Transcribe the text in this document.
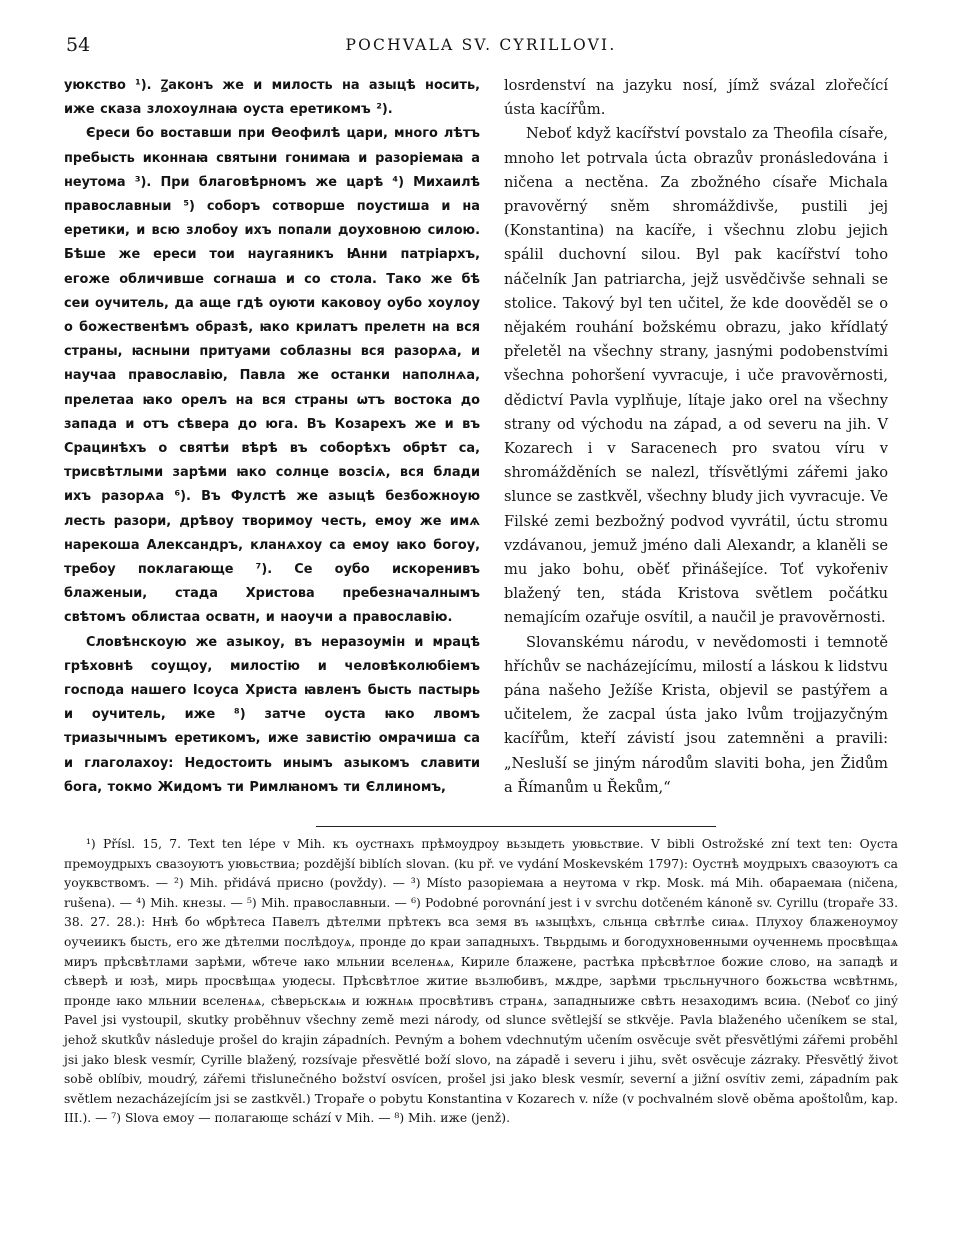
54	POCHVALA SV. CYRILLOVI.

уюкство ¹). Ꙁаконъ же и милость на азыцѣ носить, иже сказа злохоулнаꙗ оуста еретикомъ ²).

Єреси бо воставши при Ѳеофилѣ цари, много лѣтъ пребысть иконнаꙗ святыни гонимаꙗ и разоріемаꙗ а неутома ³). При благовѣрномъ же царѣ ⁴) Михаилѣ православныи ⁵) соборъ сотворше поустиша и на еретики, и всю злобоу ихъ попали доуховною силою. Бѣше же ереси тои наугаяникъ Ꙗнни патріархъ, егоже обличивше согнаша и со стола. Тако же бѣ сеи оучитель, да аще гдѣ оуюти каковоу оубо хоулоу о божественѣмъ образѣ, ꙗко крилатъ прелетн на вся страны, ꙗсныни притуами соблазны вся разорѧа, и научаа православію, Павла же останки наполнѧа, прелетаа ꙗко орелъ на вся страны ѡтъ востока до запада и отъ сѣвера до юга. Въ Козарехъ же и въ Срацинѣхъ о святѣи вѣрѣ въ соборѣхъ обрѣт са, трисвѣтлыми зарѣми ꙗко солнце возсіѧ, вся блади ихъ разорѧа ⁶). Въ Фулстѣ же азыцѣ безбожноую лесть разори, дрѣвоу творимоу честь, емоу же имѧ нарекоша Александръ, кланѧхоу са емоу ꙗко богоу, требоу поклагающе ⁷). Се оубо искоренивъ блаженыи, стада Христова пребезначалнымъ свѣтомъ облистаа осватн, и наоучи а православію.

Словѣнскоую же азыкоу, въ неразоумін и мрацѣ грѣховнѣ соущоу, милостію и человѣколюбіемъ господа нашего Ісоуса Христа ꙗвленъ бысть пастырь и оучитель, иже ⁸) затче оуста ꙗко лвомъ триазычнымъ еретикомъ, иже завистію омрачиша са и глаголахоу: Недостоить инымъ азыкомъ славити бога, токмо Жидомъ ти Римлꙗномъ ти Єллиномъ,

losrdenství na jazyku nosí, jímž svázal zlořečící ústa kacířům.

Neboť když kacířství povstalo za Theofila císaře, mnoho let potrvala úcta obrazův pronásledována i ničena a nectěna. Za zbožného císaře Michala pravověrný sněm shromáždivše, pustili jej (Konstantina) na kacíře, i všechnu zlobu jejich spálil duchovní silou. Byl pak kacířství toho náčelník Jan patriarcha, jejž usvědčivše sehnali se stolice. Takový byl ten učitel, že kde doověděl se o nějakém rouhání božskému obrazu, jako křídlatý přeletěl na všechny strany, jasnými podobenstvími všechna pohoršení vyvracuje, i uče pravověrnosti, dědictví Pavla vyplňuje, lítaje jako orel na všechny strany od východu na západ, a od severu na jih. V Kozarech i v Saracenech pro svatou víru v shromážděních se nalezl, třísvětlými zářemi jako slunce se zastkvěl, všechny bludy jich vyvracuje. Ve Filské zemi bezbožný podvod vyvrátil, úctu stromu vzdávanou, jemuž jméno dali Alexandr, a klaněli se mu jako bohu, oběť přinášejíce. Toť vykořeniv blažený ten, stáda Kristova světlem počátku nemajícím ozařuje osvítil, a naučil je pravověrnosti.

Slovanskému národu, v nevědomosti i temnotě hříchův se nacházejícímu, milostí a láskou k lidstvu pána našeho Ježíše Krista, objevil se pastýřem a učitelem, že zacpal ústa jako lvům trojjazyčným kacířům, kteří závistí jsou zatemněni a pravili: „Nesluší se jiným národům slaviti boha, jen Židům a Římanům u Řekům,“

¹) Přísl. 15, 7. Text ten lépe v Mih. къ оустнахъ прѣмоудроу вьзыдеть уювьствие. V bibli Ostrožské zní text ten: Оуста премоудрыхъ свазоуютъ уювьствиа; pozdější biblích slovan. (ku př. ve vydání Moskevském 1797): Оустнѣ моудрыхъ свазоуютъ са уоуквствомъ. — ²) Mih. přidává присно (povždy). — ³) Místo разоріемаꙗ а неутома v rkp. Mosk. má Mih. обараемаꙗ (ničena, rušena). — ⁴) Mih. кнезы. — ⁵) Mih. православныи. — ⁶) Podobné porovnání jest i v svrchu dotčeném kánoně sv. Cyrillu (tropaře 33. 38. 27. 28.): Ннѣ бо ѡбрѣтеса Павелъ дѣтелми прѣтекъ вса земя въ ѩзыцѣхъ, сльнца свѣтлѣе сиꙗѧ. Плухоу блаженоумоу оучеиикъ бысть, его же дѣтелми послѣдоуѧ, пронде до краи западныхъ. Твьрдымь и богодухновенными оученнемь просвѣщаѧ миръ прѣсвѣтлами зарѣми, ѡбтече ꙗко мльнии вселенѧѧ, Кириле блажене, растѣка прѣсвѣтлое божие слово, на западѣ и сѣверѣ и юзѣ, мирь просвѣщаѧ уюдесы. Прѣсвѣтлое житие вьзлюбивъ, мѫдре, зарѣми трьсльнучного божьства ѡсвѣтнмь, пронде ꙗко мльнии вселенѧѧ, сѣверьскѧѩ и южнѧѩ просвѣтивъ странѧ, западныиже свѣть незаходимъ всиꙗ. (Neboť co jiný Pavel jsi vystoupil, skutky proběhnuv všechny země mezi národy, od slunce světlejší se stkvěje. Pavla blaženého učeníkem se stal, jehož skutkův následuje prošel do krajin západních. Pevným a bohem vdechnutým učením osvěcuje svět přesvětlými zářemi proběhl jsi jako blesk vesmír, Cyrille blažený, rozsívaje přesvětlé boží slovo, na západě i severu i jihu, svět osvěcuje zázraky. Přesvětlý život sobě oblíbiv, moudrý, zářemi třislunečného božství osvícen, prošel jsi jako blesk vesmír, severní a jižní osvítiv zemi, západním pak světlem nezacházejícím jsi se zastkvěl.) Tropaře o pobytu Konstantina v Kozarech v. níže (v pochvalném slově oběma apoštolům, kap. III.). — ⁷) Slova емоу — полагающе schází v Mih. — ⁸) Mih. иже (jenž).
